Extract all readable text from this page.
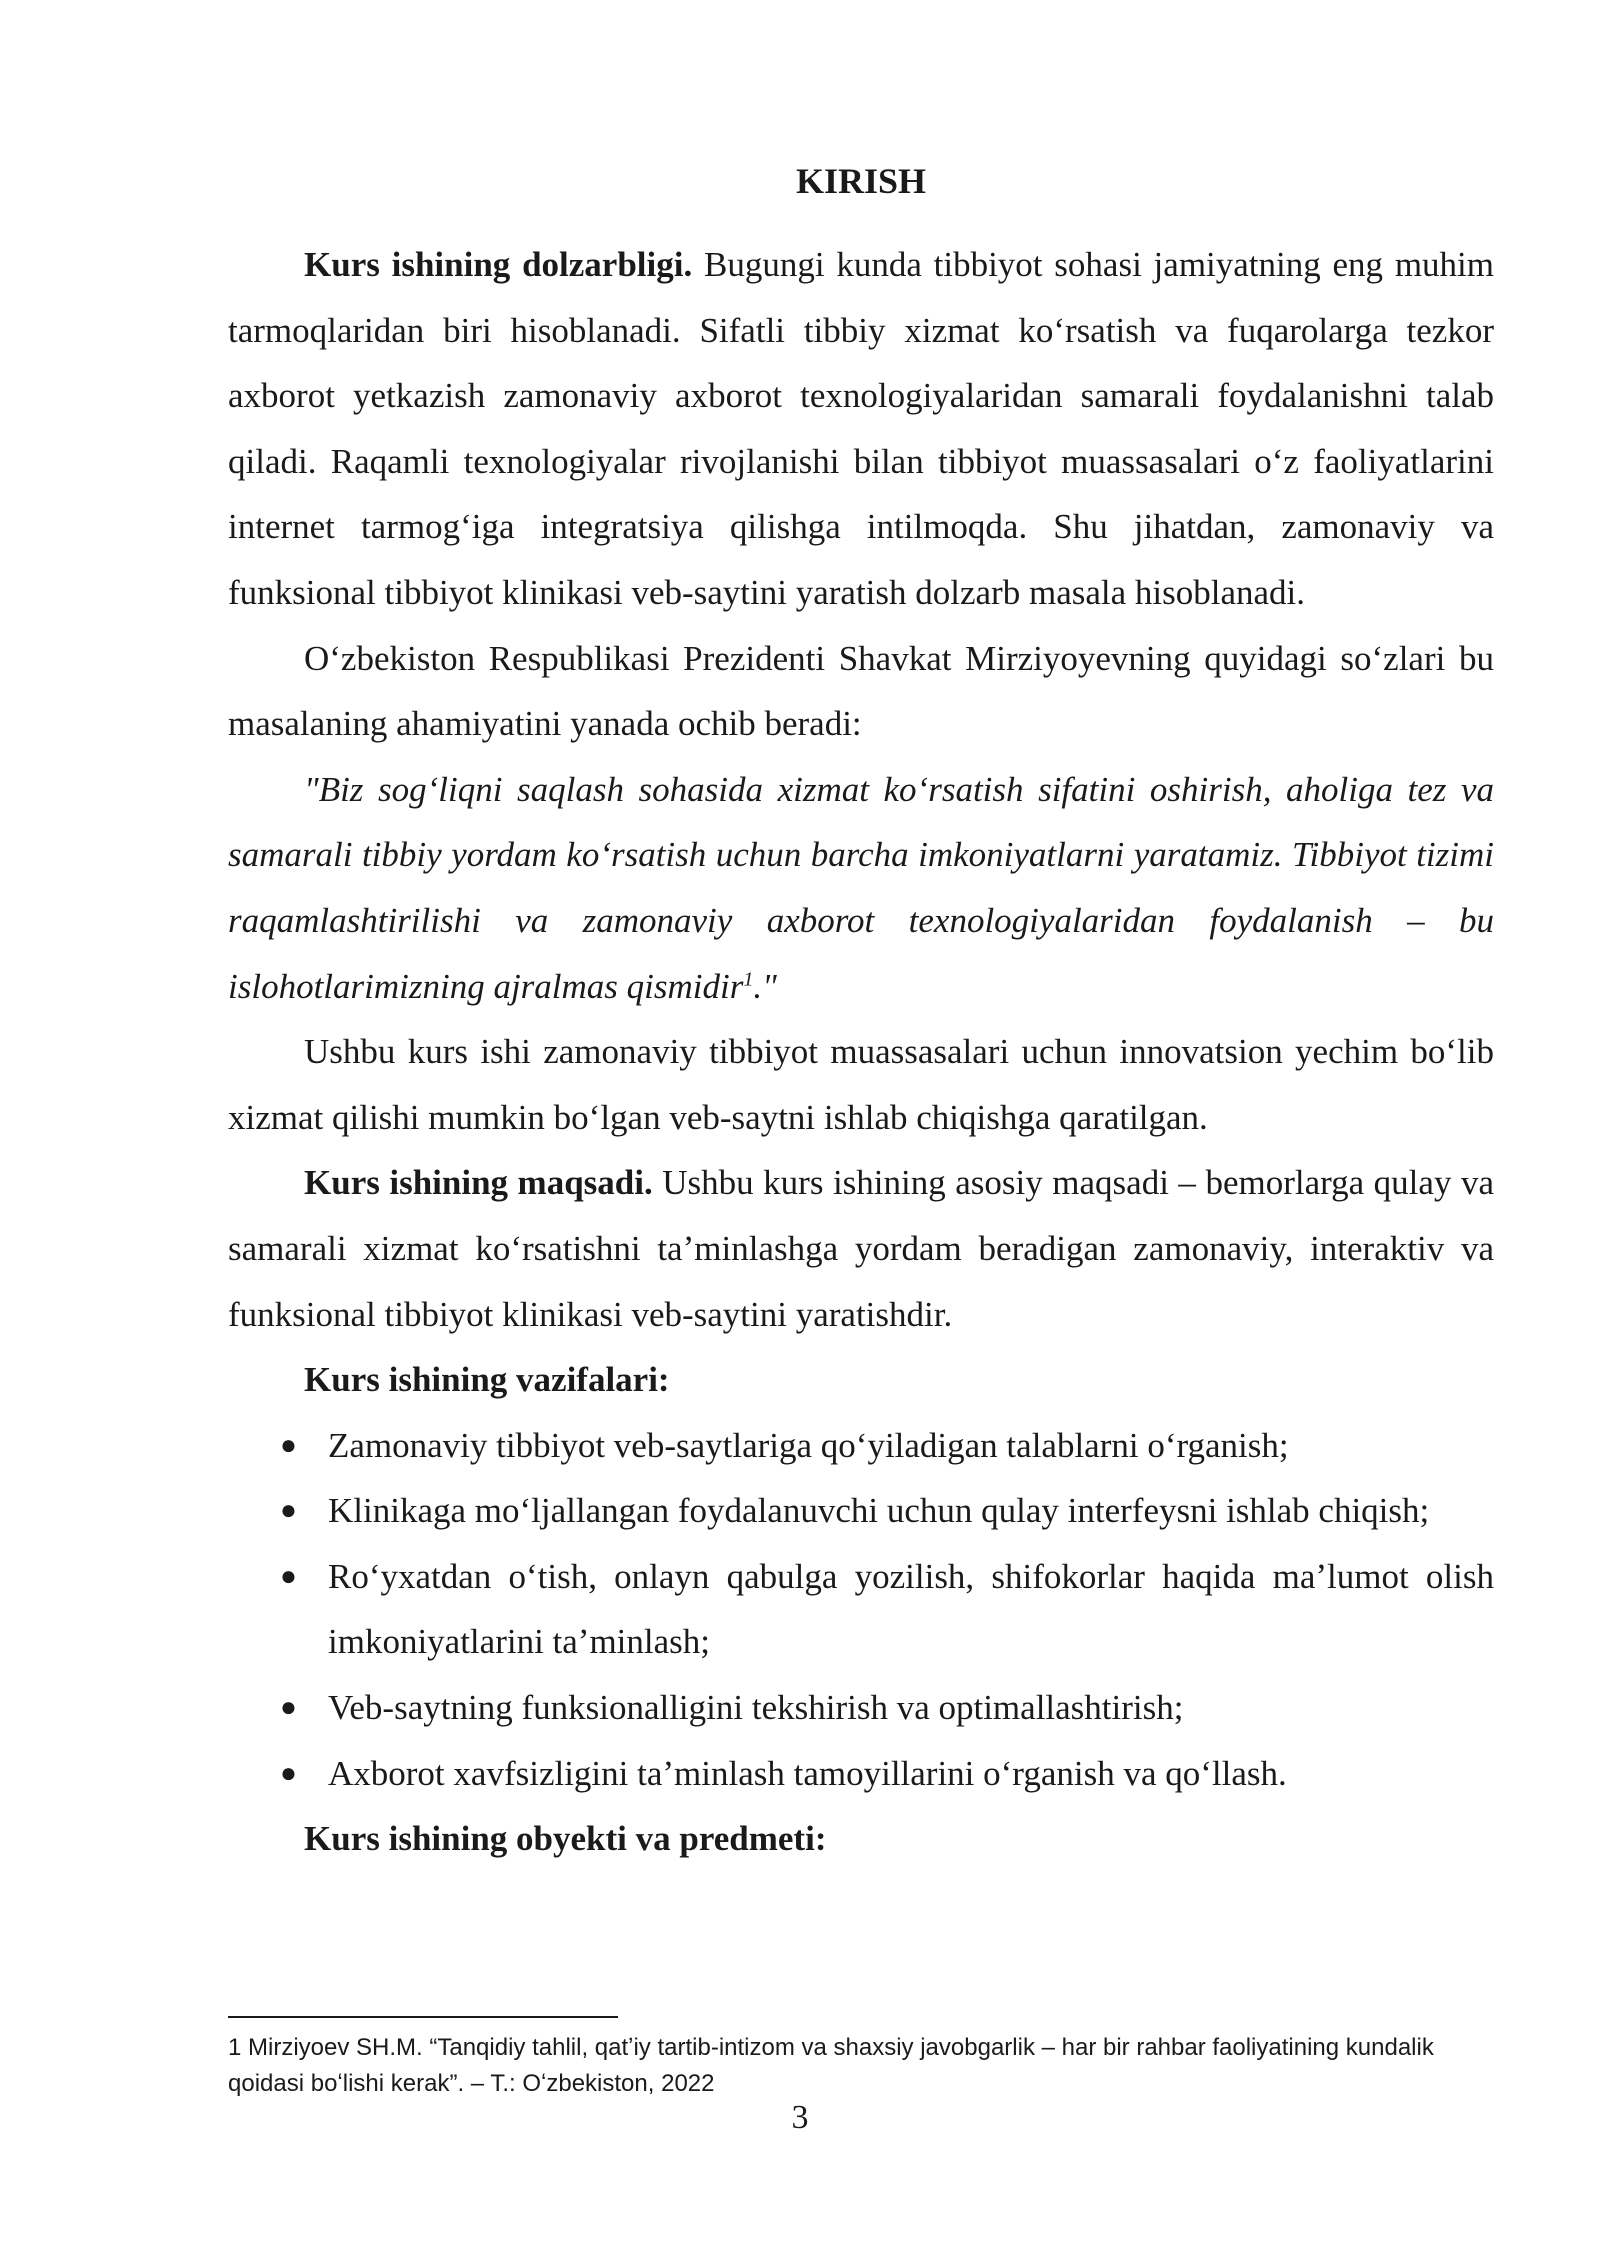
KIRISH

Kurs ishining dolzarbligi. Bugungi kunda tibbiyot sohasi jamiyatning eng muhim tarmoqlaridan biri hisoblanadi. Sifatli tibbiy xizmat koʻrsatish va fuqarolarga tezkor axborot yetkazish zamonaviy axborot texnologiyalaridan samarali foydalanishni talab qiladi. Raqamli texnologiyalar rivojlanishi bilan tibbiyot muassasalari oʻz faoliyatlarini internet tarmogʻiga integratsiya qilishga intilmoqda. Shu jihatdan, zamonaviy va funksional tibbiyot klinikasi veb-saytini yaratish dolzarb masala hisoblanadi.

Oʻzbekiston Respublikasi Prezidenti Shavkat Mirziyoyevning quyidagi soʻzlari bu masalaning ahamiyatini yanada ochib beradi:

"Biz sogʻliqni saqlash sohasida xizmat koʻrsatish sifatini oshirish, aholiga tez va samarali tibbiy yordam koʻrsatish uchun barcha imkoniyatlarni yaratamiz. Tibbiyot tizimi raqamlashtirilishi va zamonaviy axborot texnologiyalaridan foydalanish – bu islohotlarimizning ajralmas qismidir$^1$."

Ushbu kurs ishi zamonaviy tibbiyot muassasalari uchun innovatsion yechim boʻlib xizmat qilishi mumkin boʻlgan veb-saytni ishlab chiqishga qaratilgan.

Kurs ishining maqsadi. Ushbu kurs ishining asosiy maqsadi – bemorlarga qulay va samarali xizmat koʻrsatishni taʼminlashga yordam beradigan zamonaviy, interaktiv va funksional tibbiyot klinikasi veb-saytini yaratishdir.

Kurs ishining vazifalari:
● Zamonaviy tibbiyot veb-saytlariga qoʻyiladigan talablarni oʻrganish;
● Klinikaga moʻljallangan foydalanuvchi uchun qulay interfeysni ishlab chiqish;
● Roʻyxatdan oʻtish, onlayn qabulga yozilish, shifokorlar haqida maʼlumot olish imkoniyatlarini taʼminlash;
● Veb-saytning funksionalligini tekshirish va optimallashtirish;
● Axborot xavfsizligini taʼminlash tamoyillarini oʻrganish va qoʻllash.
Kurs ishining obyekti va predmeti:
1 Mirziyoev SH.M. “Tanqidiy tahlil, qatʼiy tartib-intizom va shaxsiy javobgarlik – har bir rahbar faoliyatining kundalik qoidasi boʻlishi kerak”. – T.: Oʻzbekiston, 2022
3
